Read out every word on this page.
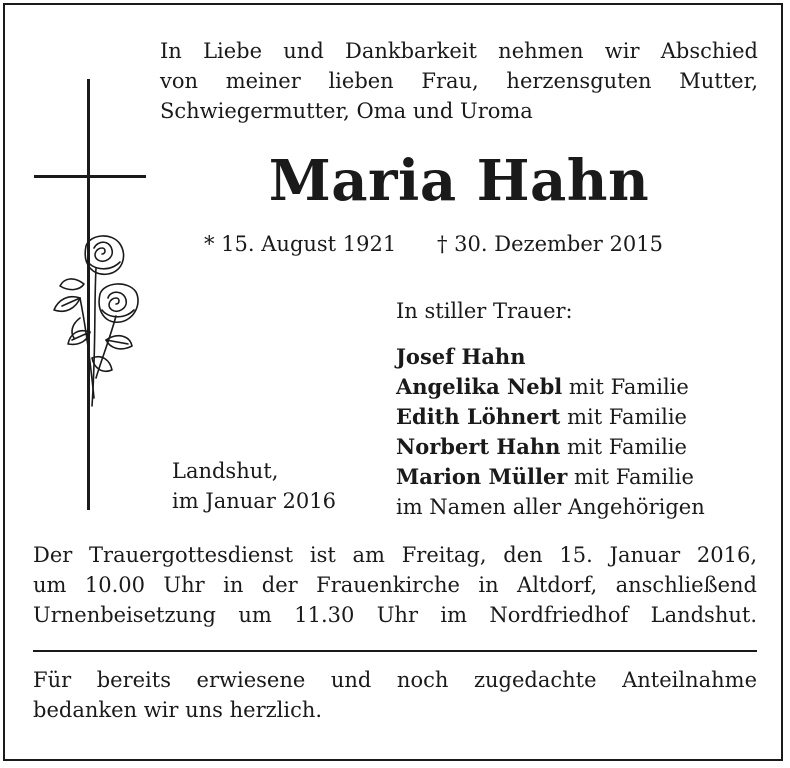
In Liebe und Dankbarkeit nehmen wir Abschied
von meiner lieben Frau, herzensguten Mutter,
Schwiegermutter, Oma und Uroma
Maria Hahn
* 15. August 1921 † 30. Dezember 2015
In stiller Trauer:
Josef Hahn
Angelika Nebl mit Familie
Edith Löhnert mit Familie
Norbert Hahn mit Familie
Marion Müller mit Familie
im Namen aller Angehörigen
Landshut,
im Januar 2016
Der Trauergottesdienst ist am Freitag, den 15. Januar 2016,
um 10.00 Uhr in der Frauenkirche in Altdorf, anschließend
Urnenbeisetzung um 11.30 Uhr im Nordfriedhof Landshut.
Für bereits erwiesene und noch zugedachte Anteilnahme
bedanken wir uns herzlich.
